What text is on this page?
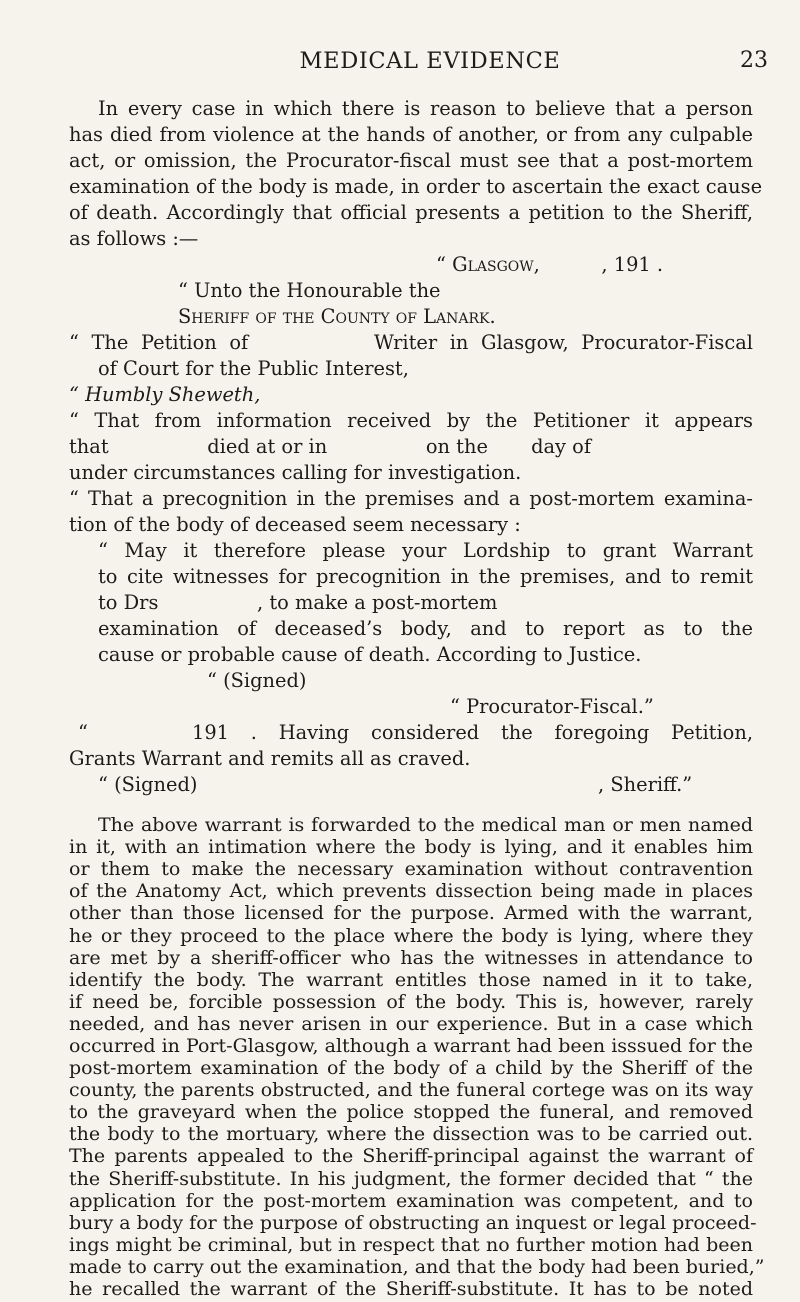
MEDICAL EVIDENCE	23
In every case in which there is reason to believe that a person
has died from violence at the hands of another, or from any culpable
act, or omission, the Procurator-fiscal must see that a post-mortem
examination of the body is made, in order to ascertain the exact cause
of death. Accordingly that official presents a petition to the Sheriff,
as follows :—
“ Glasgow,          , 191 .
“ Unto the Honourable the
Sheriff of the County of Lanark.
“ The Petition of          Writer in Glasgow, Procurator-Fiscal
of Court for the Public Interest,
“ Humbly Sheweth,
“ That from information received by the Petitioner it appears
that                died at or in                on the       day of
under circumstances calling for investigation.
“ That a precognition in the premises and a post-mortem examina-
tion of the body of deceased seem necessary :
“ May it therefore please your Lordship to grant Warrant
to cite witnesses for precognition in the premises, and to remit
to Drs                , to make a post-mortem
examination of deceased’s body, and to report as to the
cause or probable cause of death. According to Justice.
“ (Signed)
“ Procurator-Fiscal.”
“	191 . Having considered the foregoing Petition,
Grants Warrant and remits all as craved.
“ (Signed)	, Sheriff.”
The above warrant is forwarded to the medical man or men named
in it, with an intimation where the body is lying, and it enables him
or them to make the necessary examination without contravention
of the Anatomy Act, which prevents dissection being made in places
other than those licensed for the purpose. Armed with the warrant,
he or they proceed to the place where the body is lying, where they
are met by a sheriff-officer who has the witnesses in attendance to
identify the body. The warrant entitles those named in it to take,
if need be, forcible possession of the body. This is, however, rarely
needed, and has never arisen in our experience. But in a case which
occurred in Port-Glasgow, although a warrant had been isssued for the
post-mortem examination of the body of a child by the Sheriff of the
county, the parents obstructed, and the funeral cortege was on its way
to the graveyard when the police stopped the funeral, and removed
the body to the mortuary, where the dissection was to be carried out.
The parents appealed to the Sheriff-principal against the warrant of
the Sheriff-substitute. In his judgment, the former decided that “ the
application for the post-mortem examination was competent, and to
bury a body for the purpose of obstructing an inquest or legal proceed-
ings might be criminal, but in respect that no further motion had been
made to carry out the examination, and that the body had been buried,”
he recalled the warrant of the Sheriff-substitute. It has to be noted
